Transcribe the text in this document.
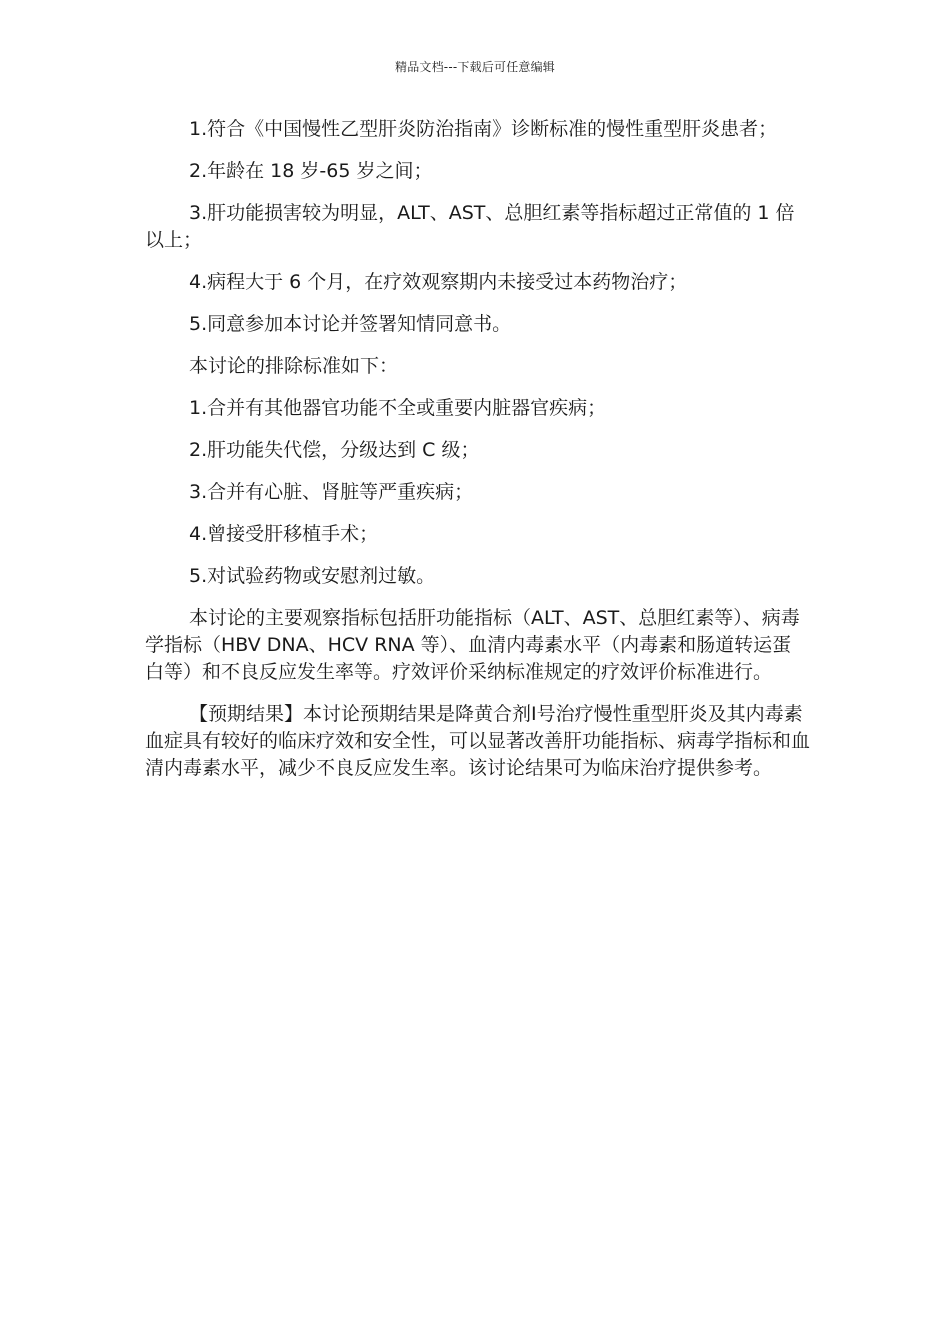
精品文档---下载后可任意编辑

1.符合《中国慢性乙型肝炎防治指南》诊断标准的慢性重型肝炎患者；

2.年龄在 18 岁-65 岁之间；

3.肝功能损害较为明显，ALT、AST、总胆红素等指标超过正常值的 1 倍以上；

4.病程大于 6 个月，在疗效观察期内未接受过本药物治疗；

5.同意参加本讨论并签署知情同意书。

本讨论的排除标准如下：

1.合并有其他器官功能不全或重要内脏器官疾病；

2.肝功能失代偿，分级达到 C 级；

3.合并有心脏、肾脏等严重疾病；

4.曾接受肝移植手术；

5.对试验药物或安慰剂过敏。

本讨论的主要观察指标包括肝功能指标（ALT、AST、总胆红素等）、病毒学指标（HBV DNA、HCV RNA 等）、血清内毒素水平（内毒素和肠道转运蛋白等）和不良反应发生率等。疗效评价采纳标准规定的疗效评价标准进行。

【预期结果】本讨论预期结果是降黄合剂Ⅰ号治疗慢性重型肝炎及其内毒素血症具有较好的临床疗效和安全性，可以显著改善肝功能指标、病毒学指标和血清内毒素水平，减少不良反应发生率。该讨论结果可为临床治疗提供参考。
